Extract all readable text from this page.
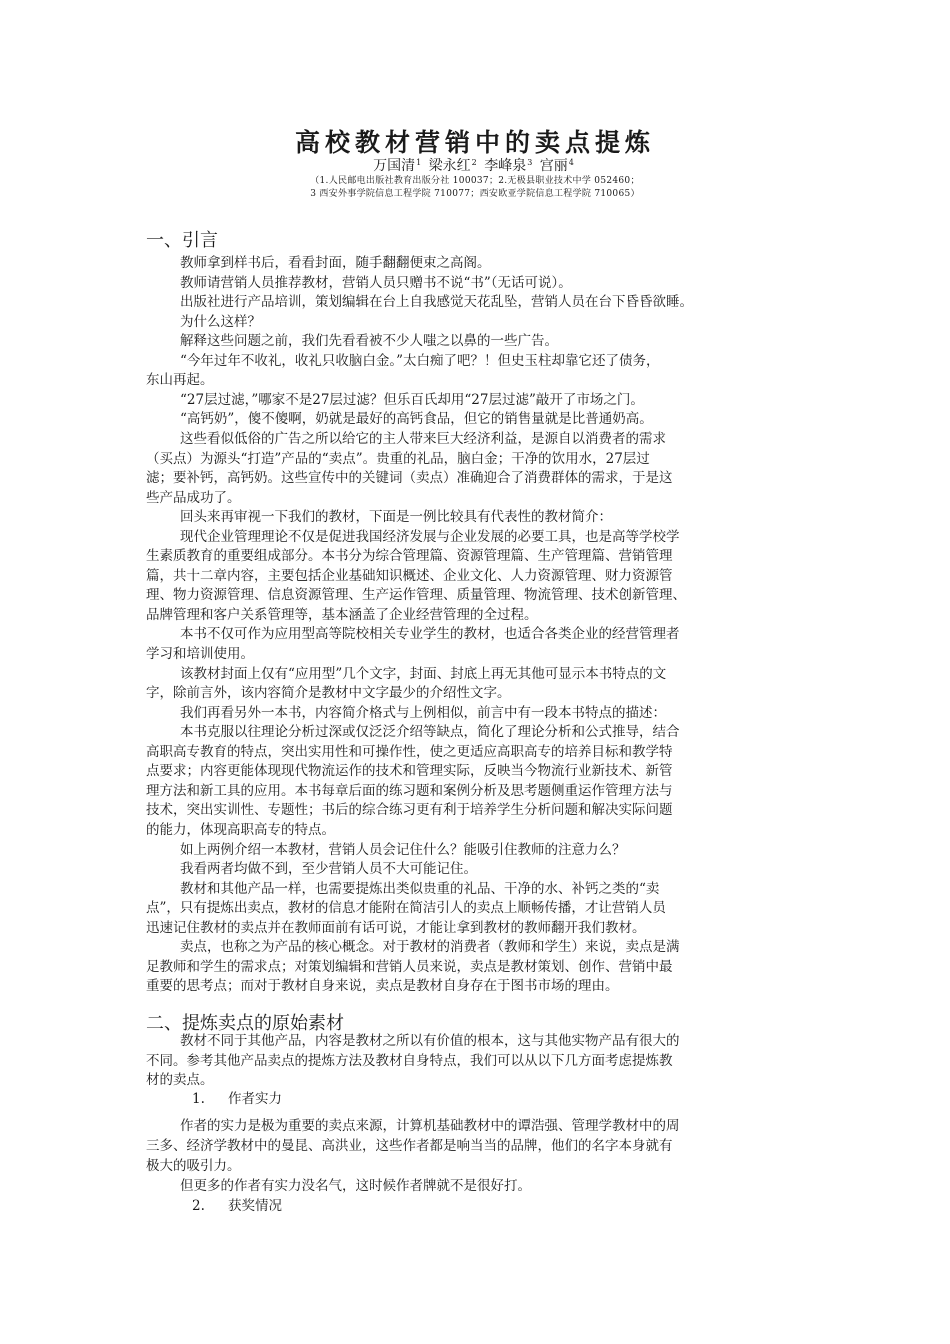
高校教材营销中的卖点提炼
万国清$^1$ 梁永红$^2$ 李峰泉$^3$ 宫丽$^4$
（1.人民邮电出版社教育出版分社 100037；2.无极县职业技术中学 052460；
3 西安外事学院信息工程学院 710077；西安欧亚学院信息工程学院 710065）
一、引言
教师拿到样书后，看看封面，随手翻翻便束之高阁。
教师请营销人员推荐教材，营销人员只赠书不说“书”（无话可说）。
出版社进行产品培训，策划编辑在台上自我感觉天花乱坠，营销人员在台下昏昏欲睡。
为什么这样？
解释这些问题之前，我们先看看被不少人嗤之以鼻的一些广告。
“今年过年不收礼，收礼只收脑白金。”太白痴了吧？！但史玉柱却靠它还了债务，
东山再起。
“27层过滤，”哪家不是27层过滤？但乐百氏却用“27层过滤”敲开了市场之门。
“高钙奶”，傻不傻啊，奶就是最好的高钙食品，但它的销售量就是比普通奶高。
这些看似低俗的广告之所以给它的主人带来巨大经济利益，是源自以消费者的需求
（买点）为源头“打造”产品的“卖点”。贵重的礼品，脑白金；干净的饮用水，27层过
滤；要补钙，高钙奶。这些宣传中的关键词（卖点）准确迎合了消费群体的需求，于是这
些产品成功了。
回头来再审视一下我们的教材，下面是一例比较具有代表性的教材简介：
现代企业管理理论不仅是促进我国经济发展与企业发展的必要工具，也是高等学校学
生素质教育的重要组成部分。本书分为综合管理篇、资源管理篇、生产管理篇、营销管理
篇，共十二章内容，主要包括企业基础知识概述、企业文化、人力资源管理、财力资源管
理、物力资源管理、信息资源管理、生产运作管理、质量管理、物流管理、技术创新管理、
品牌管理和客户关系管理等，基本涵盖了企业经营管理的全过程。
本书不仅可作为应用型高等院校相关专业学生的教材，也适合各类企业的经营管理者
学习和培训使用。
该教材封面上仅有“应用型”几个文字，封面、封底上再无其他可显示本书特点的文
字，除前言外，该内容简介是教材中文字最少的介绍性文字。
我们再看另外一本书，内容简介格式与上例相似，前言中有一段本书特点的描述：
本书克服以往理论分析过深或仅泛泛介绍等缺点，简化了理论分析和公式推导，结合
高职高专教育的特点，突出实用性和可操作性，使之更适应高职高专的培养目标和教学特
点要求；内容更能体现现代物流运作的技术和管理实际，反映当今物流行业新技术、新管
理方法和新工具的应用。本书每章后面的练习题和案例分析及思考题侧重运作管理方法与
技术，突出实训性、专题性；书后的综合练习更有利于培养学生分析问题和解决实际问题
的能力，体现高职高专的特点。
如上两例介绍一本教材，营销人员会记住什么？能吸引住教师的注意力么？
我看两者均做不到，至少营销人员不大可能记住。
教材和其他产品一样，也需要提炼出类似贵重的礼品、干净的水、补钙之类的“卖
点”，只有提炼出卖点，教材的信息才能附在简洁引人的卖点上顺畅传播，才让营销人员
迅速记住教材的卖点并在教师面前有话可说，才能让拿到教材的教师翻开我们教材。
卖点，也称之为产品的核心概念。对于教材的消费者（教师和学生）来说，卖点是满
足教师和学生的需求点；对策划编辑和营销人员来说，卖点是教材策划、创作、营销中最
重要的思考点；而对于教材自身来说，卖点是教材自身存在于图书市场的理由。
二、提炼卖点的原始素材
教材不同于其他产品，内容是教材之所以有价值的根本，这与其他实物产品有很大的
不同。参考其他产品卖点的提炼方法及教材自身特点，我们可以从以下几方面考虑提炼教
材的卖点。
1. 作者实力
作者的实力是极为重要的卖点来源，计算机基础教材中的谭浩强、管理学教材中的周
三多、经济学教材中的曼昆、高洪业，这些作者都是响当当的品牌，他们的名字本身就有
极大的吸引力。
但更多的作者有实力没名气，这时候作者牌就不是很好打。
2. 获奖情况
